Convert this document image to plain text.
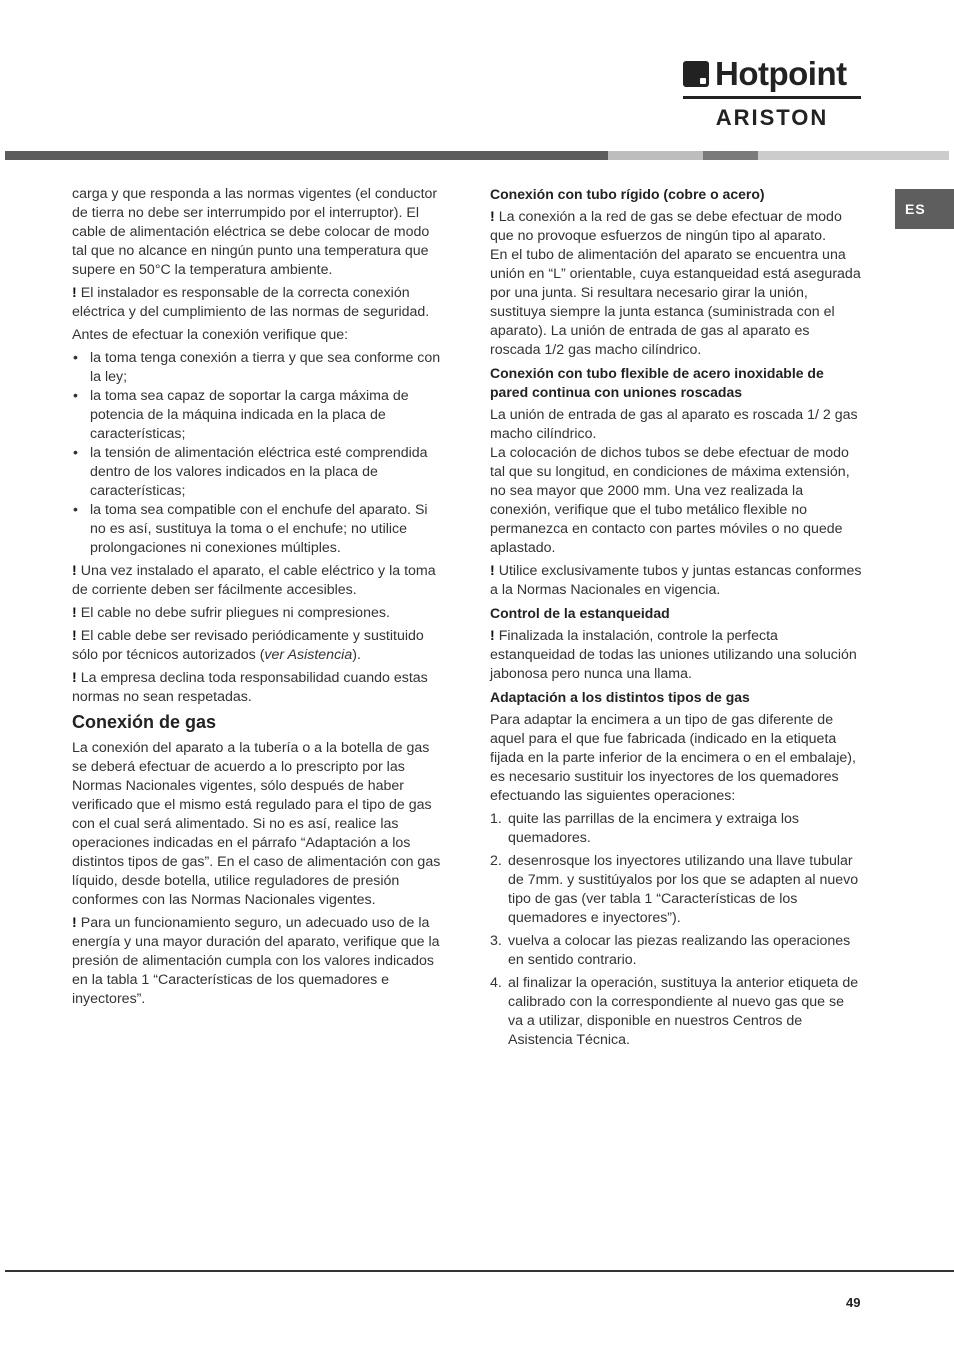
Hotpoint
ARISTON
ES

carga y que responda a las normas vigentes (el conductor de tierra no debe ser interrumpido por el interruptor). El cable de alimentación eléctrica se debe colocar de modo tal que no alcance en ningún punto una temperatura que supere en 50°C la temperatura ambiente.

! El instalador es responsable de la correcta conexión eléctrica y del cumplimiento de las normas de seguridad.

Antes de efectuar la conexión verifique que:

• la toma tenga conexión a tierra y que sea conforme con la ley;
• la toma sea capaz de soportar la carga máxima de potencia de la máquina indicada en la placa de características;
• la tensión de alimentación eléctrica esté comprendida dentro de los valores indicados en la placa de características;
• la toma sea compatible con el enchufe del aparato. Si no es así, sustituya la toma o el enchufe; no utilice prolongaciones ni conexiones múltiples.

! Una vez instalado el aparato, el cable eléctrico y la toma de corriente deben ser fácilmente accesibles.

! El cable no debe sufrir pliegues ni compresiones.

! El cable debe ser revisado periódicamente y sustituido sólo por técnicos autorizados (ver Asistencia).

! La empresa declina toda responsabilidad cuando estas normas no sean respetadas.

Conexión de gas

La conexión del aparato a la tubería o a la botella de gas se deberá efectuar de acuerdo a lo prescripto por las Normas Nacionales vigentes, sólo después de haber verificado que el mismo está regulado para el tipo de gas con el cual será alimentado. Si no es así, realice las operaciones indicadas en el párrafo “Adaptación a los distintos tipos de gas”. En el caso de alimentación con gas líquido, desde botella, utilice reguladores de presión conformes con las Normas Nacionales vigentes.

! Para un funcionamiento seguro, un adecuado uso de la energía y una mayor duración del aparato, verifique que la presión de alimentación cumpla con los valores indicados en la tabla 1 “Características de los quemadores e inyectores”.

Conexión con tubo rígido (cobre o acero)

! La conexión a la red de gas se debe efectuar de modo que no provoque esfuerzos de ningún tipo al aparato.

En el tubo de alimentación del aparato se encuentra una unión en “L” orientable, cuya estanqueidad está asegurada por una junta. Si resultara necesario girar la unión, sustituya siempre la junta estanca (suministrada con el aparato). La unión de entrada de gas al aparato es roscada 1/2 gas macho cilíndrico.

Conexión con tubo flexible de acero inoxidable de pared continua con uniones roscadas

La unión de entrada de gas al aparato es roscada 1/ 2 gas macho cilíndrico.

La colocación de dichos tubos se debe efectuar de modo tal que su longitud, en condiciones de máxima extensión, no sea mayor que 2000 mm. Una vez realizada la conexión, verifique que el tubo metálico flexible no permanezca en contacto con partes móviles o no quede aplastado.

! Utilice exclusivamente tubos y juntas estancas conformes a la Normas Nacionales en vigencia.

Control de la estanqueidad

! Finalizada la instalación, controle la perfecta estanqueidad de todas las uniones utilizando una solución jabonosa pero nunca una llama.

Adaptación a los distintos tipos de gas

Para adaptar la encimera a un tipo de gas diferente de aquel para el que fue fabricada (indicado en la etiqueta fijada en la parte inferior de la encimera o en el embalaje), es necesario sustituir los inyectores de los quemadores efectuando las siguientes operaciones:

1. quite las parrillas de la encimera y extraiga los quemadores.
2. desenrosque los inyectores utilizando una llave tubular de 7mm. y sustitúyalos por los que se adapten al nuevo tipo de gas (ver tabla 1 “Características de los quemadores e inyectores”).
3. vuelva a colocar las piezas realizando las operaciones en sentido contrario.
4. al finalizar la operación, sustituya la anterior etiqueta de calibrado con la correspondiente al nuevo gas que se va a utilizar, disponible en nuestros Centros de Asistencia Técnica.
49
